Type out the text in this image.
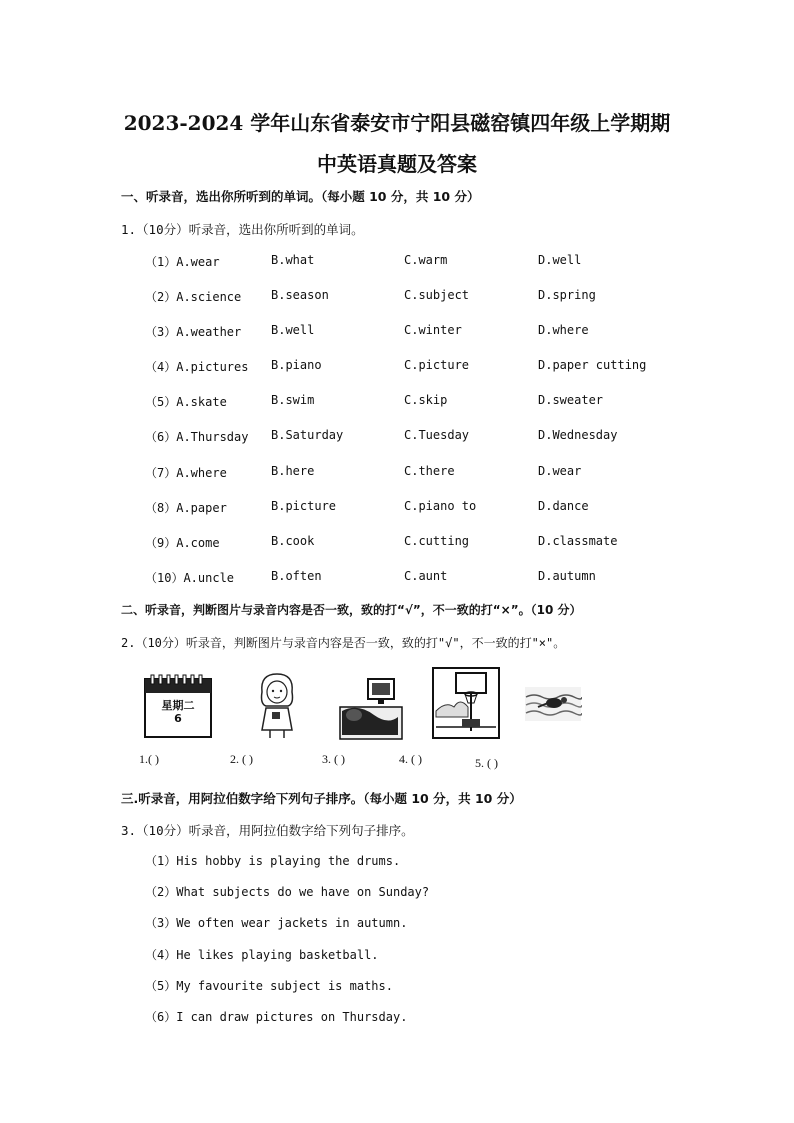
2023-2024 学年山东省泰安市宁阳县磁窑镇四年级上学期期
中英语真题及答案
一、听录音，选出你所听到的单词。（每小题 10 分，共 10 分）
1.（10分）听录音，选出你所听到的单词。
（1）A.wear	B.what	C.warm	D.well
（2）A.science B.season	C.subject	D.spring
（3）A.weather B.well	C.winter	D.where
（4）A.pictures B.piano	C.picture	D.paper cutting
（5）A.skate	B.swim	C.skip	D.sweater
（6）A.Thursday B.Saturday	C.Tuesday	D.Wednesday
（7）A.where	B.here	C.there	D.wear
（8）A.paper	B.picture	C.piano to	D.dance
（9）A.come	B.cook	C.cutting	D.classmate
（10）A.uncle	B.often	C.aunt	D.autumn
二、听录音，判断图片与录音内容是否一致，致的打“√”，不一致的打“×”。（10 分）
2.（10分）听录音，判断图片与录音内容是否一致，致的打"√"，不一致的打"×"。
星期二
6
1.( )	2. ( )	3. ( )	4. ( )	5. ( )
三.听录音，用阿拉伯数字给下列句子排序。（每小题 10 分，共 10 分）
3.（10分）听录音，用阿拉伯数字给下列句子排序。
（1）His hobby is playing the drums.
（2）What subjects do we have on Sunday?
（3）We often wear jackets in autumn.
（4）He likes playing basketball.
（5）My favourite subject is maths.
（6）I can draw pictures on Thursday.
